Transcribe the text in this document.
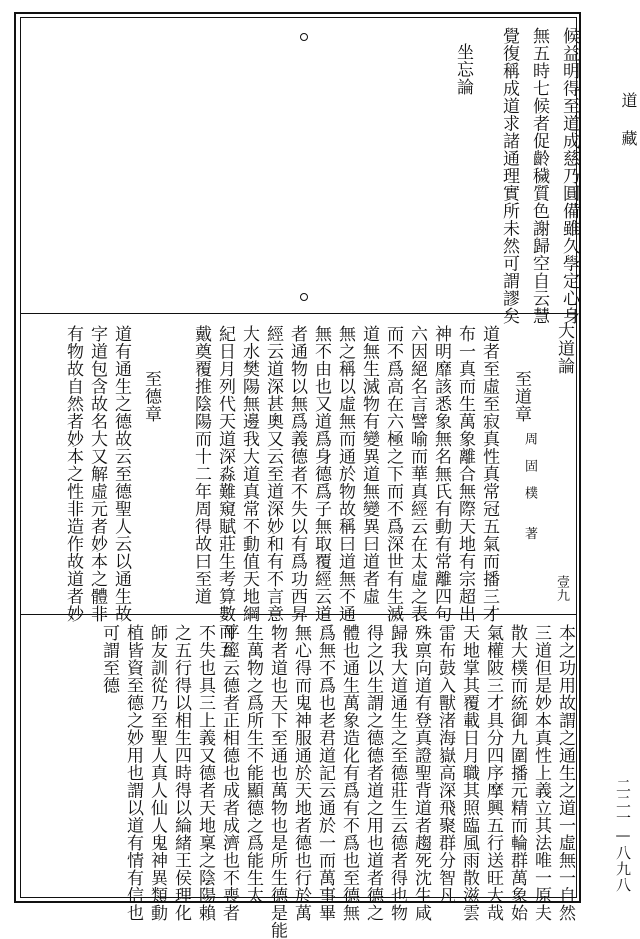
道
藏
二二一—八九八
候益明得至道成慈乃圓備雖久學定心身
無五時七候者促齡穢質色謝歸空自云慧
覺復稱成道求諸通理實所未然可謂謬矣
坐忘論
大道論
周　固　樸　　著
壹九
至道章
道者至虛至寂真性真常冠五氣而播三才
布一真而生萬象離合無際天地有宗超出
神明靡該悉象無名無氏有動有常離四句
六因絕名言譬喻而華真經云在太虛之表
而不爲高在六極之下而不爲深世有生滅
道無生滅物有變異道無變異曰道者虛
無之稱以虛無而通於物故稱曰道無不通
無不由也又道爲身德爲子無取覆經云道
者通物以無爲義德者不失以有爲功西昇
經云道深甚奧又云至道深妙和有不言意
大水樊陽無邊我大道真常不動值天地綱
紀日月列代天道深淼難窺賦莊生考算數而五
戴奠覆推陰陽而十二年周得故曰至道
至德章
道有通生之德故云至德聖人云以通生故
字道包含故名大又解虛元者妙本之體非
有物故自然者妙本之性非造作故道者妙
本之功用故謂之通生之道一虛無一自然
三道但是妙本真性上義立其法唯一原夫
散大樸而統御九圍播元精而輪群萬象始
氣權陂三才具分四序摩興五行送旺大哉
天地掌其覆載日月職其照臨風雨散滋雲
雷布鼓入獸渚海嶽高深飛聚群分智凡
殊禀向道有登真證聖背道者趨死沈生咸
歸我大道通生之至德莊生云德者得也物
得之以生謂之德德者道之用也道者德之
體也通生萬象造化有爲有不爲也至德無
爲無不爲也老君道記云通於一而萬事畢
無心得而鬼神服通於天地者德也行於萬
物者道也天下至通也萬物也是所生德是能
生萬物之爲所生不能顯德之爲能生太
平經云德者正相德也成者成濟也不喪者
不失也具三上義又德者天地稟之陰陽賴
之五行得以相生四時得以綸緒王侯理化
師友訓從乃至聖人真人仙人鬼神異類動
植皆資至德之妙用也謂以道有情有信也
可謂至德
